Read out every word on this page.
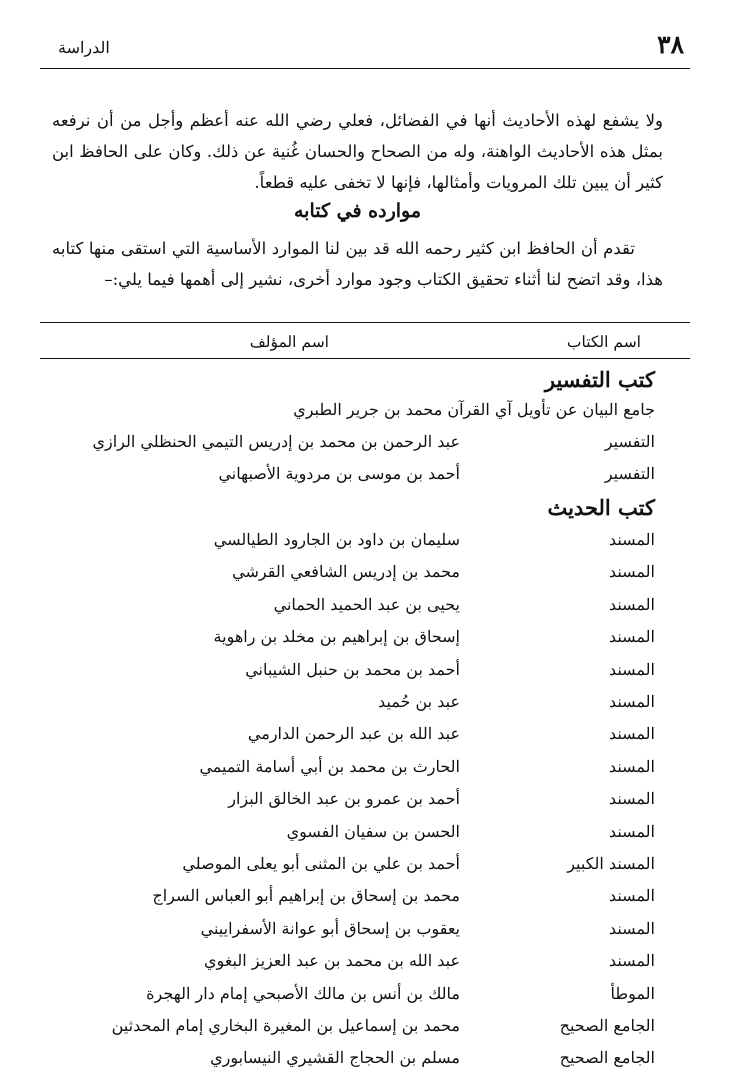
٣٨
الدراسة

ولا يشفع لهذه الأحاديث أنها في الفضائل، فعلي رضي الله عنه أعظم وأجل من أن نرفعه بمثل هذه الأحاديث الواهنة، وله من الصحاح والحسان غُنية عن ذلك. وكان على الحافظ ابن كثير أن يبين تلك المرويات وأمثالها، فإنها لا تخفى عليه قطعاً.

موارده في كتابه

تقدم أن الحافظ ابن كثير رحمه الله قد بين لنا الموارد الأساسية التي استقى منها كتابه هذا، وقد اتضح لنا أثناء تحقيق الكتاب وجود موارد أخرى، نشير إلى أهمها فيما يلي:–

اسم الكتاب
اسم المؤلف
كتب التفسير
جامع البيان عن تأويل آي القرآن محمد بن جرير الطبري
التفسير
عبد الرحمن بن محمد بن إدريس التيمي الحنظلي الرازي
التفسير
أحمد بن موسى بن مردوية الأصبهاني
كتب الحديث
المسند
سليمان بن داود بن الجارود الطيالسي
المسند
محمد بن إدريس الشافعي القرشي
المسند
يحيى بن عبد الحميد الحماني
المسند
إسحاق بن إبراهيم بن مخلد بن راهوية
المسند
أحمد بن محمد بن حنبل الشيباني
المسند
عبد بن حُميد
المسند
عبد الله بن عبد الرحمن الدارمي
المسند
الحارث بن محمد بن أبي أسامة التميمي
المسند
أحمد بن عمرو بن عبد الخالق البزار
المسند
الحسن بن سفيان الفسوي
المسند الكبير
أحمد بن علي بن المثنى أبو يعلى الموصلي
المسند
محمد بن إسحاق بن إبراهيم أبو العباس السراج
المسند
يعقوب بن إسحاق أبو عوانة الأسفراييني
المسند
عبد الله بن محمد بن عبد العزيز البغوي
الموطأ
مالك بن أنس بن مالك الأصبحي إمام دار الهجرة
الجامع الصحيح
محمد بن إسماعيل بن المغيرة البخاري إمام المحدثين
الجامع الصحيح
مسلم بن الحجاج القشيري النيسابوري
